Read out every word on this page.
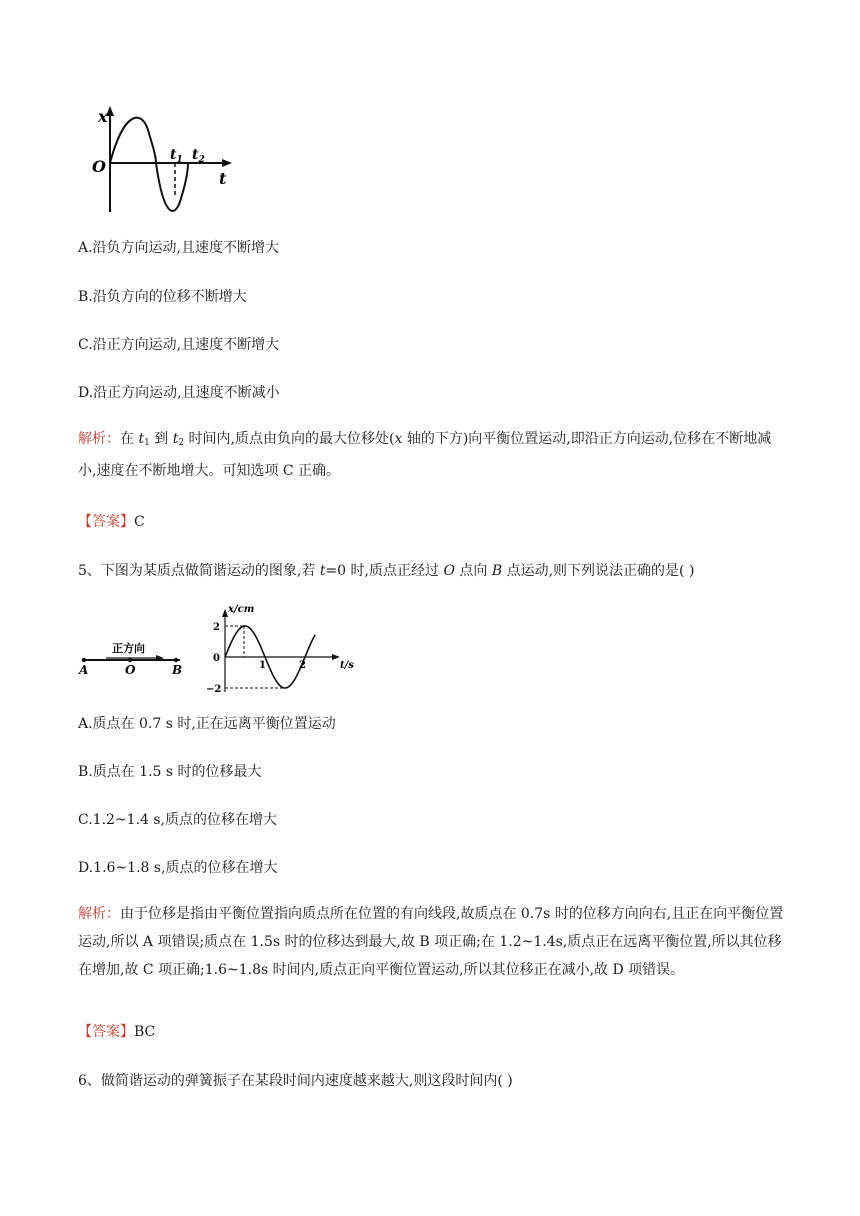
x
O
$t_1$ $t_2$
t
A.沿负方向运动,且速度不断增大
B.沿负方向的位移不断增大
C.沿正方向运动,且速度不断增大
D.沿正方向运动,且速度不断减小
解析：在 $t_1$ 到 $t_2$ 时间内,质点由负向的最大位移处(x 轴的下方)向平衡位置运动,即沿正方向运动,位移在不断地减小,速度在不断地增大。可知选项 C 正确。
【答案】C
5、下图为某质点做简谐运动的图象,若 t=0 时,质点正经过 O 点向 B 点运动,则下列说法正确的是( )
正方向
A	O	B
x/cm
2
0
−2
1	2	t/s
A.质点在 0.7 s 时,正在远离平衡位置运动
B.质点在 1.5 s 时的位移最大
C.1.2~1.4 s,质点的位移在增大
D.1.6~1.8 s,质点的位移在增大
解析：由于位移是指由平衡位置指向质点所在位置的有向线段,故质点在 0.7s 时的位移方向向右,且正在向平衡位置运动,所以 A 项错误;质点在 1.5s 时的位移达到最大,故 B 项正确;在 1.2~1.4s,质点正在远离平衡位置,所以其位移在增加,故 C 项正确;1.6~1.8s 时间内,质点正向平衡位置运动,所以其位移正在减小,故 D 项错误。
【答案】BC
6、做简谐运动的弹簧振子在某段时间内速度越来越大,则这段时间内( )
